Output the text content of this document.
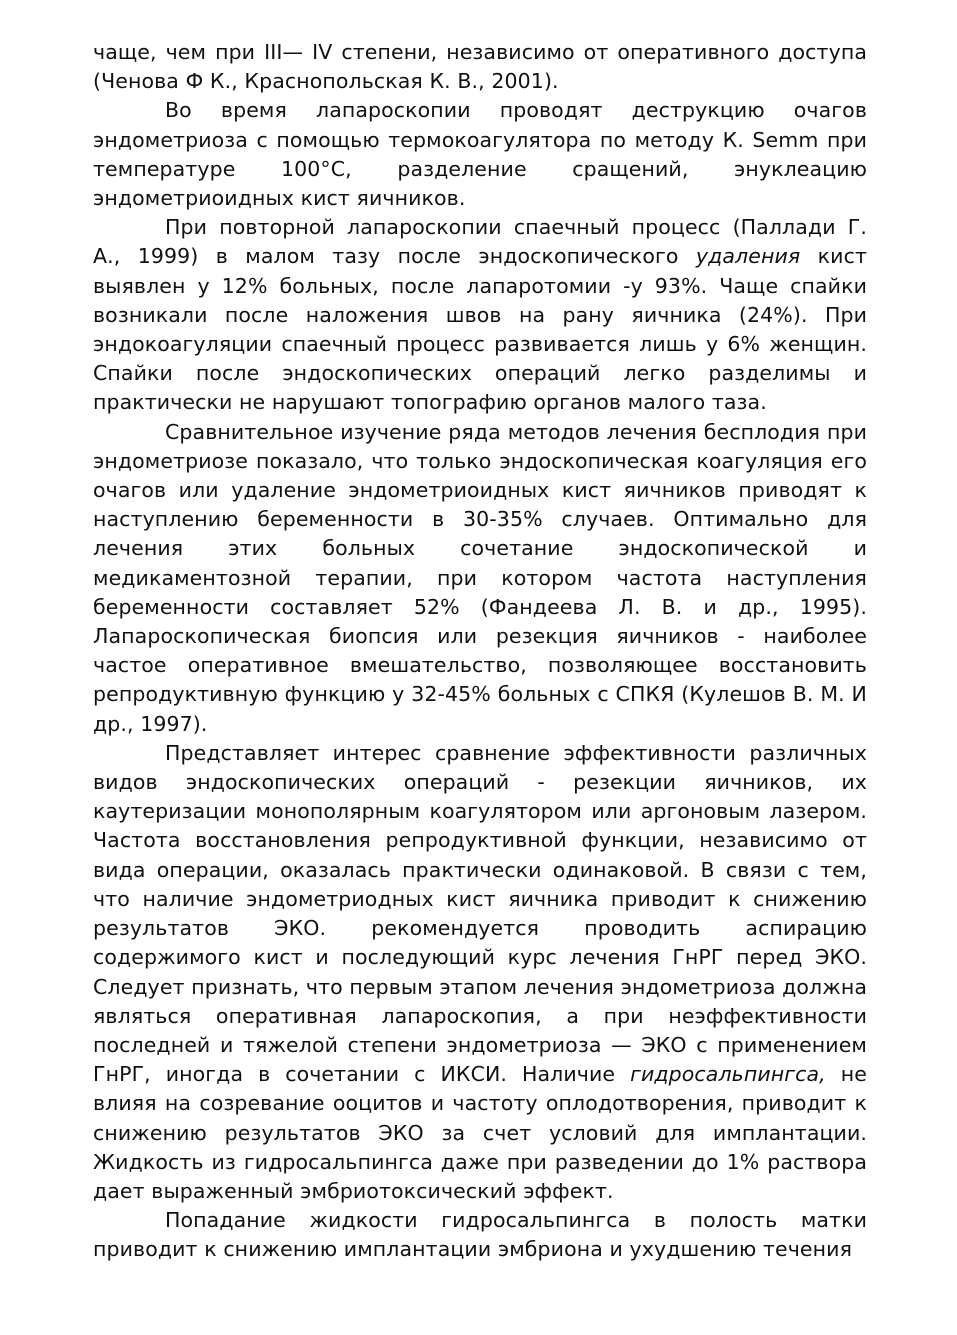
чаще, чем при III— IV степени, независимо от оперативного доступа (Ченова Ф К., Краснопольская К. В., 2001).

Во время лапароскопии проводят деструкцию очагов эндометриоза с помощью термокоагулятора по методу К. Semm при температуре 100°С, разделение сращений, энуклеацию эндометриоидных кист яичников.

При повторной лапароскопии спаечный процесс (Паллади Г. А., 1999) в малом тазу после эндоскопического удаления кист выявлен у 12% больных, после лапаротомии -у 93%. Чаще спайки возникали после наложения швов на рану яичника (24%). При эндокоагуляции спаечный процесс развивается лишь у 6% женщин. Спайки после эндоскопических операций легко разделимы и практически не нарушают топографию органов малого таза.

Сравнительное изучение ряда методов лечения бесплодия при эндометриозе показало, что только эндоскопическая коагуляция его очагов или удаление эндометриоидных кист яичников приводят к наступлению беременности в 30-35% случаев. Оптимально для лечения этих больных сочетание эндоскопической и медикаментозной терапии, при котором частота наступления беременности составляет 52% (Фандеева Л. В. и др., 1995). Лапароскопическая биопсия или резекция яичников - наиболее частое оперативное вмешательство, позволяющее восстановить репродуктивную функцию у 32-45% больных с СПКЯ (Кулешов В. М. И др., 1997).

Представляет интерес сравнение эффективности различных видов эндоскопических операций - резекции яичников, их каутеризации монополярным коагулятором или аргоновым лазером. Частота восстановления репродуктивной функции, независимо от вида операции, оказалась практически одинаковой. В связи с тем, что наличие эндометриодных кист яичника приводит к снижению результатов ЭКО. рекомендуется проводить аспирацию содержимого кист и последующий курс лечения ГнРГ перед ЭКО. Следует признать, что первым этапом лечения эндометриоза должна являться оперативная лапароскопия, а при неэффективности последней и тяжелой степени эндометриоза — ЭКО с применением ГнРГ, иногда в сочетании с ИКСИ. Наличие гидросальпингса, не влияя на созревание ооцитов и частоту оплодотворения, приводит к снижению результатов ЭКО за счет условий для имплантации. Жидкость из гидросальпингса даже при разведении до 1% раствора дает выраженный эмбриотоксический эффект.

Попадание жидкости гидросальпингса в полость матки приводит к снижению имплантации эмбриона и ухудшению течения
